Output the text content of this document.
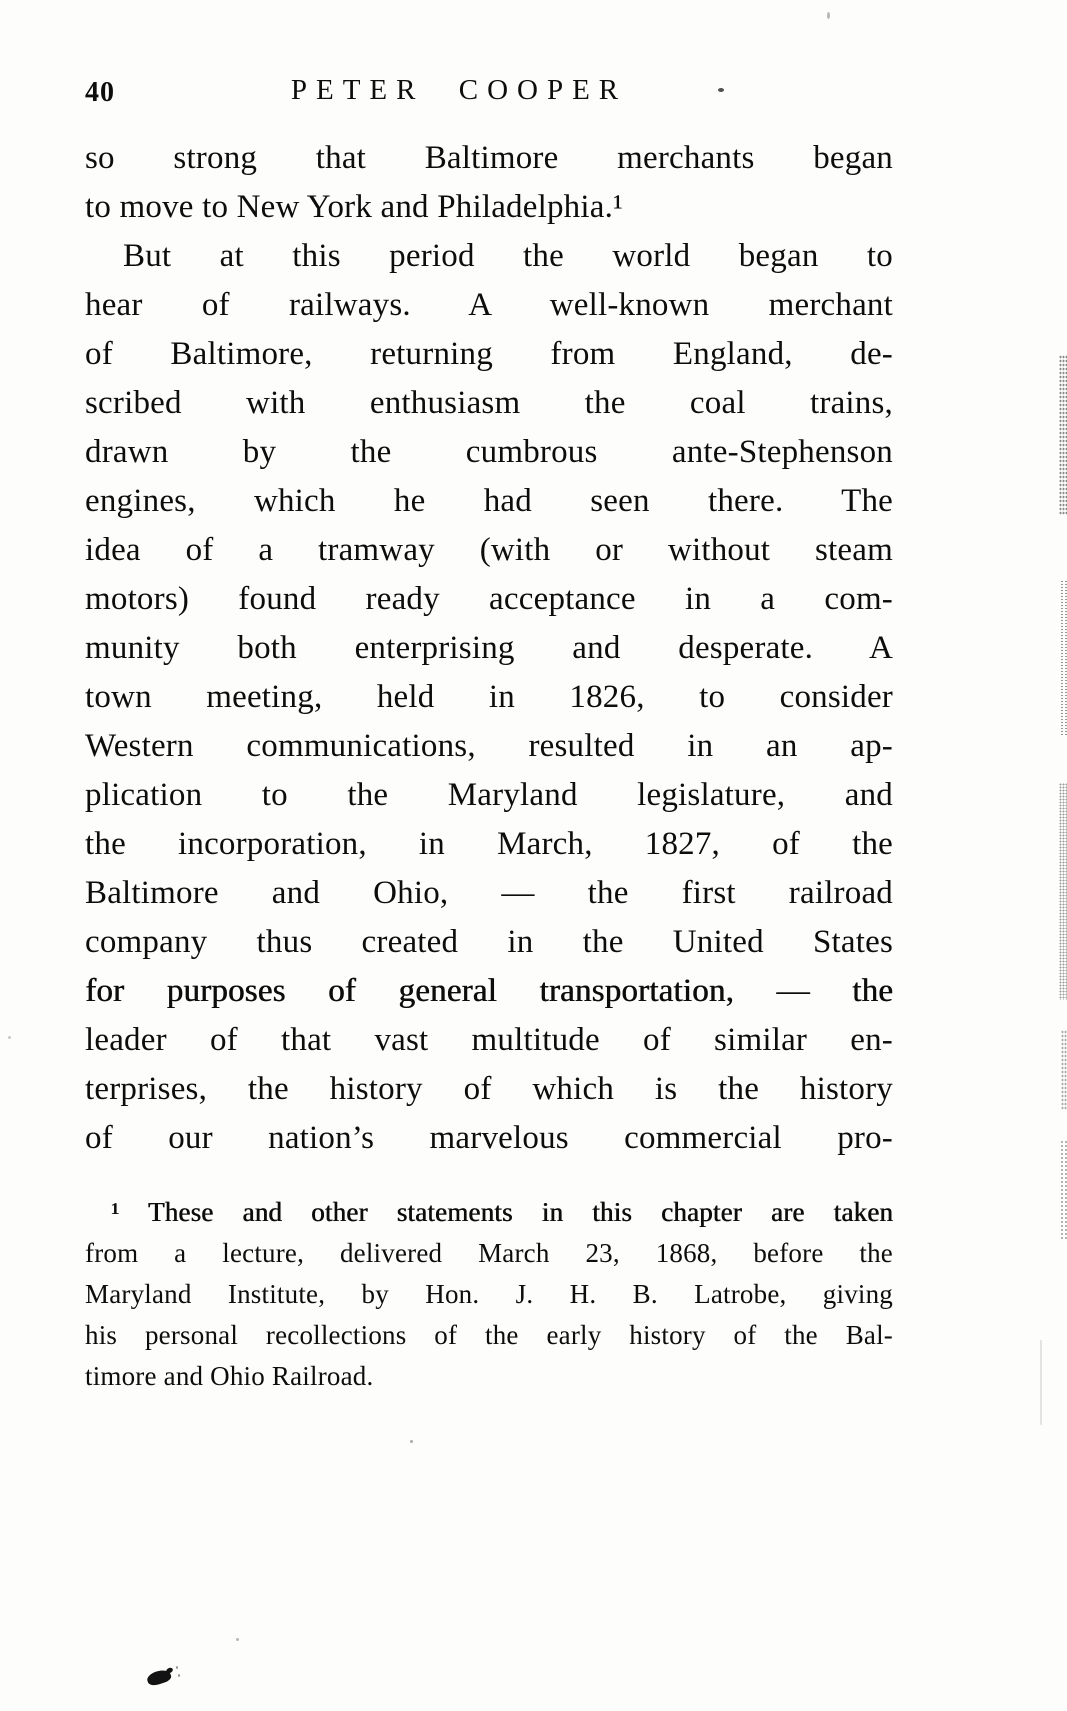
40	PETER COOPER
so strong that Baltimore merchants began
to move to New York and Philadelphia.¹
But at this period the world began to
hear of railways. A well-known merchant
of Baltimore, returning from England, de-
scribed with enthusiasm the coal trains,
drawn by the cumbrous ante-Stephenson
engines, which he had seen there. The
idea of a tramway (with or without steam
motors) found ready acceptance in a com-
munity both enterprising and desperate. A
town meeting, held in 1826, to consider
Western communications, resulted in an ap-
plication to the Maryland legislature, and
the incorporation, in March, 1827, of the
Baltimore and Ohio, — the first railroad
company thus created in the United States
for purposes of general transportation, — the
leader of that vast multitude of similar en-
terprises, the history of which is the history
of our nation’s marvelous commercial pro-
¹ These and other statements in this chapter are taken
from a lecture, delivered March 23, 1868, before the
Maryland Institute, by Hon. J. H. B. Latrobe, giving
his personal recollections of the early history of the Bal-
timore and Ohio Railroad.
